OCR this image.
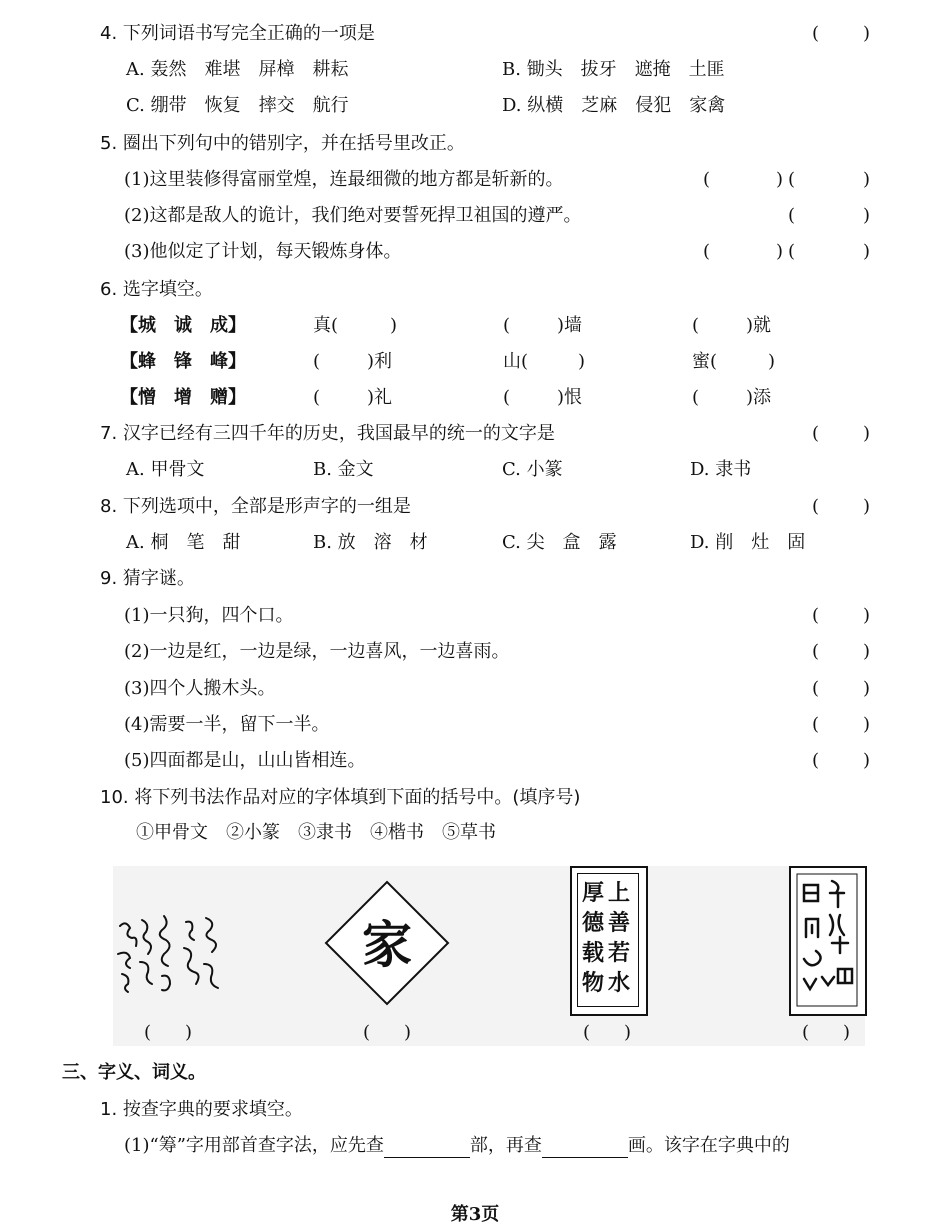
4. 下列词语书写完全正确的一项是
A. 轰然　难堪　屏樟　耕耘	B. 锄头　拔牙　遮掩　土匪
C. 绷带　恢复　摔交　航行	D. 纵横　芝麻　侵犯　家禽
5. 圈出下列句中的错别字，并在括号里改正。
(1)这里装修得富丽堂煌，连最细微的地方都是斩新的。
(2)这都是敌人的诡计，我们绝对要誓死捍卫祖国的遵严。
(3)他似定了计划，每天锻炼身体。
6. 选字填空。
【城　诚　成】	真(	)	(	)墙	(	)就
【蜂　锋　峰】	(	)利	山(	)	蜜(	)
【憎　增　赠】	(	)礼	(	)恨	(	)添
7. 汉字已经有三四千年的历史，我国最早的统一的文字是
A. 甲骨文	B. 金文	C. 小篆	D. 隶书
8. 下列选项中，全部是形声字的一组是
A. 桐　笔　甜	B. 放　溶　材	C. 尖　盒　露	D. 削　灶　固
9. 猜字谜。
(1)一只狗，四个口。
(2)一边是红，一边是绿，一边喜风，一边喜雨。
(3)四个人搬木头。
(4)需要一半，留下一半。
(5)四面都是山，山山皆相连。
10. 将下列书法作品对应的字体填到下面的括号中。(填序号)
①甲骨文　②小篆　③隶书　④楷书　⑤草书
家
上善若水
厚德载物
三、字义、词义。
1. 按查字典的要求填空。
(1)“筹”字用部首查字法，应先查	部，再查	画。该字在字典中的
第3页
